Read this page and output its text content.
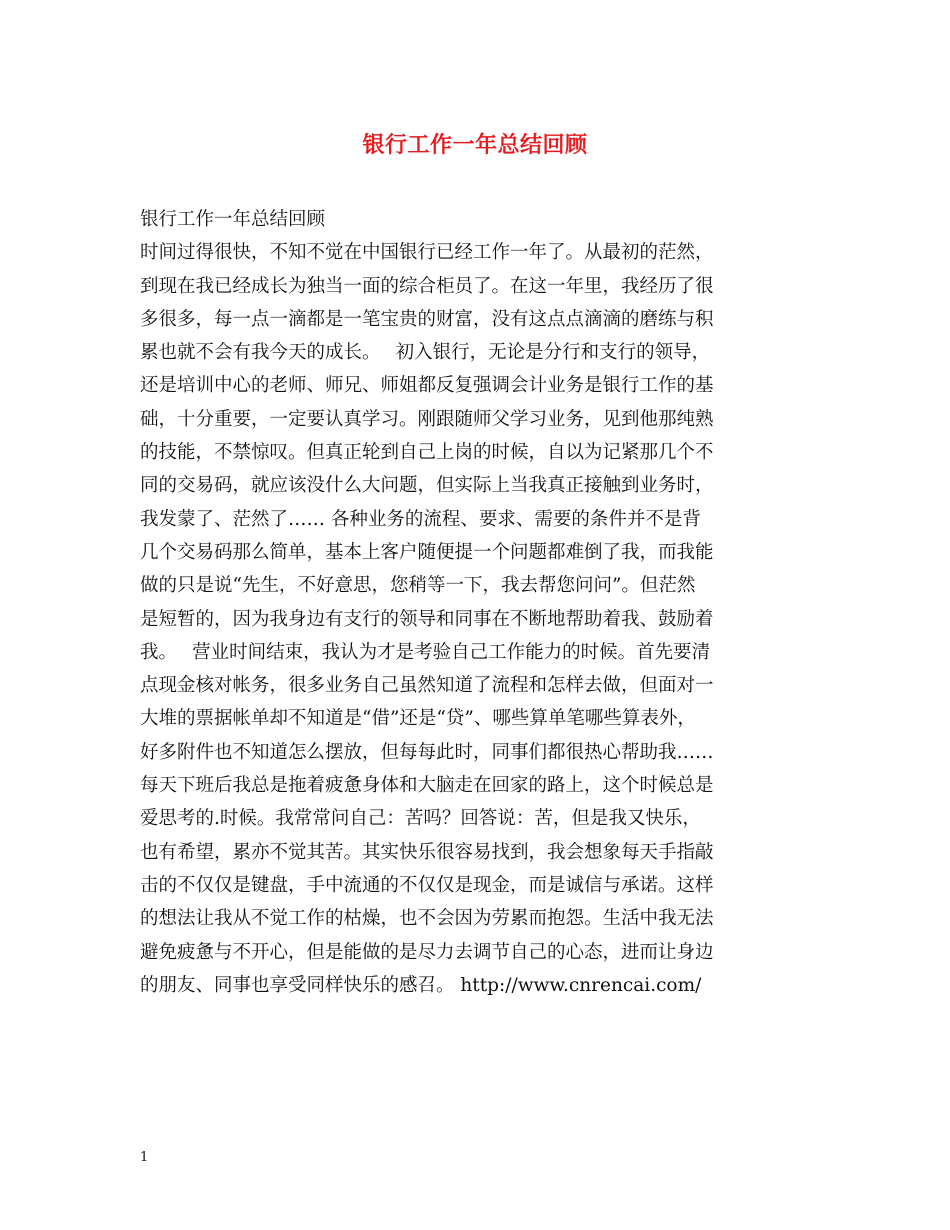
银行工作一年总结回顾
银行工作一年总结回顾
时间过得很快，不知不觉在中国银行已经工作一年了。从最初的茫然，
到现在我已经成长为独当一面的综合柜员了。在这一年里，我经历了很
多很多，每一点一滴都是一笔宝贵的财富，没有这点点滴滴的磨练与积
累也就不会有我今天的成长。　 初入银行，无论是分行和支行的领导，
还是培训中心的老师、师兄、师姐都反复强调会计业务是银行工作的基
础，十分重要，一定要认真学习。刚跟随师父学习业务，见到他那纯熟
的技能，不禁惊叹。但真正轮到自己上岗的时候，自以为记紧那几个不
同的交易码，就应该没什么大问题，但实际上当我真正接触到业务时，
我发蒙了、茫然了…… 各种业务的流程、要求、需要的条件并不是背
几个交易码那么简单，基本上客户随便提一个问题都难倒了我，而我能
做的只是说“先生，不好意思，您稍等一下，我去帮您问问”。但茫然
是短暂的，因为我身边有支行的领导和同事在不断地帮助着我、鼓励着
我。　 营业时间结束，我认为才是考验自己工作能力的时候。首先要清
点现金核对帐务，很多业务自己虽然知道了流程和怎样去做，但面对一
大堆的票据帐单却不知道是“借”还是“贷”、哪些算单笔哪些算表外，
好多附件也不知道怎么摆放，但每每此时，同事们都很热心帮助我……
每天下班后我总是拖着疲惫身体和大脑走在回家的路上，这个时候总是
爱思考的.时候。我常常问自己：苦吗？回答说：苦，但是我又快乐，
也有希望，累亦不觉其苦。其实快乐很容易找到，我会想象每天手指敲
击的不仅仅是键盘，手中流通的不仅仅是现金，而是诚信与承诺。这样
的想法让我从不觉工作的枯燥，也不会因为劳累而抱怨。生活中我无法
避免疲惫与不开心，但是能做的是尽力去调节自己的心态，进而让身边
的朋友、同事也享受同样快乐的感召。 http://www.cnrencai.com/
1
